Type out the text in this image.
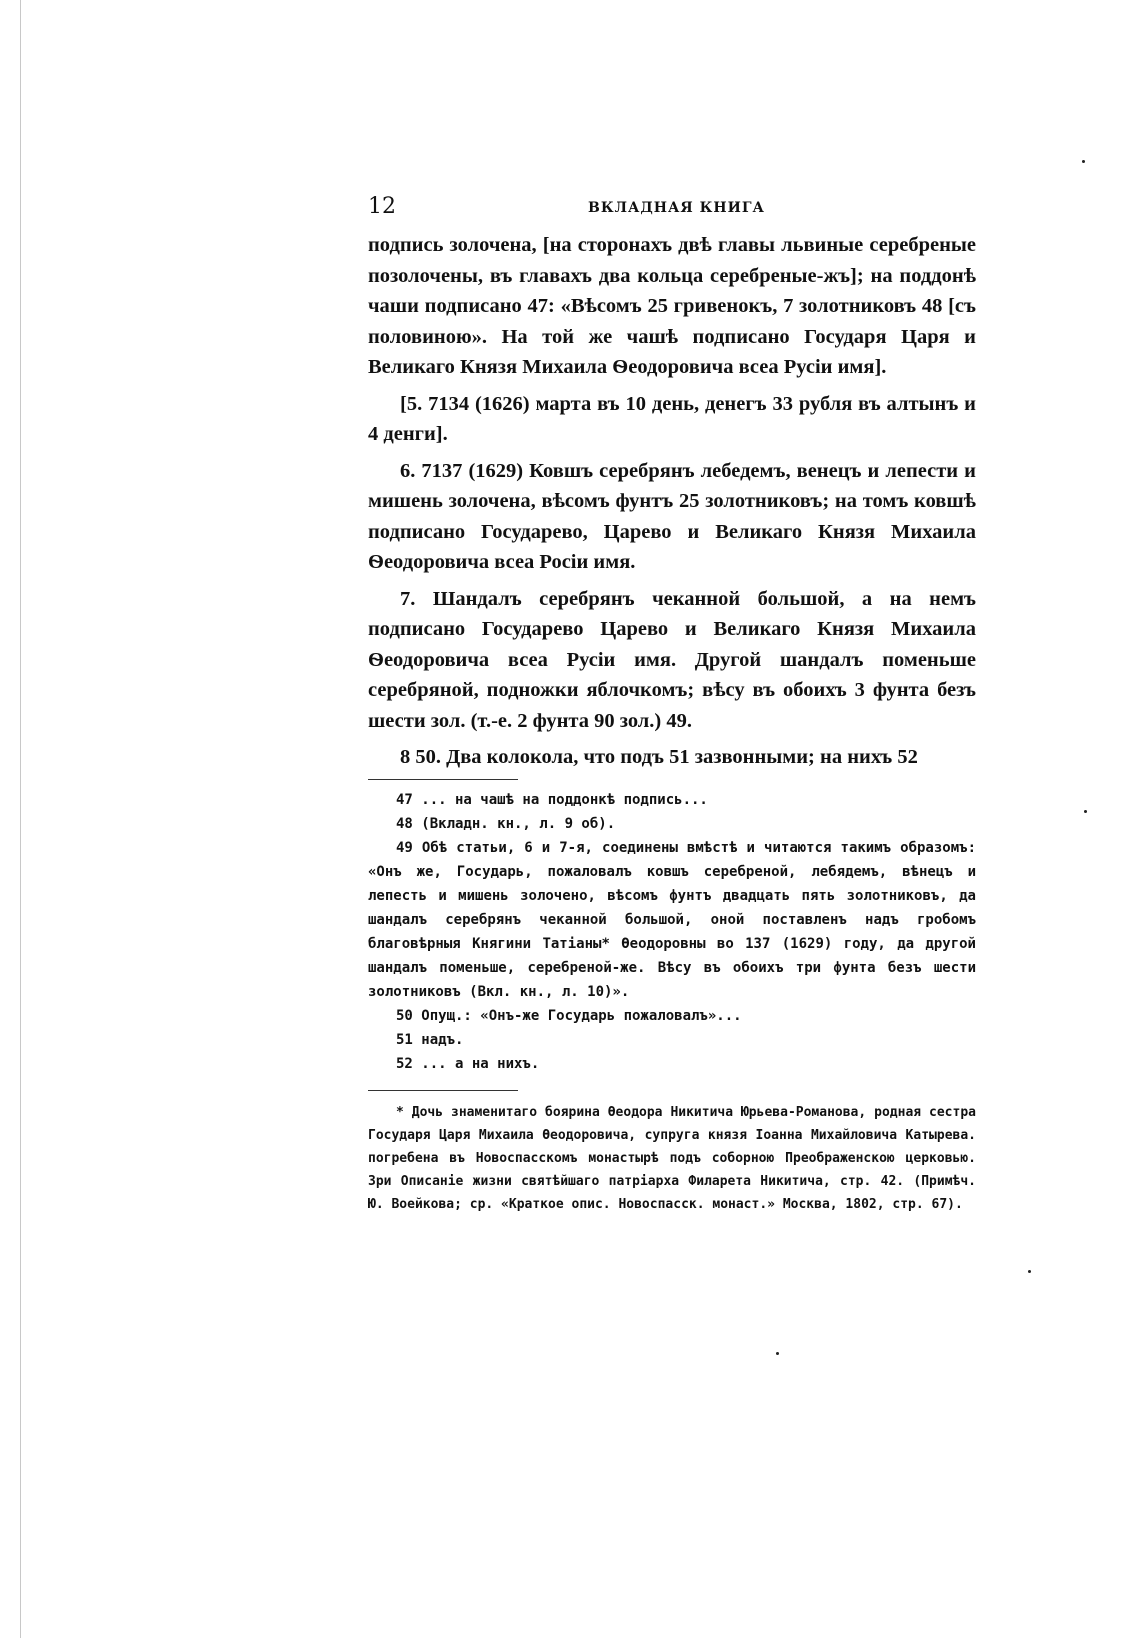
12	ВКЛАДНАЯ КНИГА

подпись золочена, [на сторонахъ двѣ главы львиные серебреные позолочены, въ главахъ два кольца серебреные-жъ]; на поддонѣ чаши подписано 47: «Вѣсомъ 25 гривенокъ, 7 золотниковъ 48 [съ половиною». На той же чашѣ подписано Государя Царя и Великаго Князя Михаила Ѳеодоровича всеа Русіи имя].

[5. 7134 (1626) марта въ 10 день, денегъ 33 рубля въ алтынъ и 4 денги].

6. 7137 (1629) Ковшъ серебрянъ лебедемъ, венецъ и лепести и мишень золочена, вѣсомъ фунтъ 25 золотниковъ; на томъ ковшѣ подписано Государево, Царево и Великаго Князя Михаила Ѳеодоровича всеа Росіи имя.

7. Шандалъ серебрянъ чеканной большой, а на немъ подписано Государево Царево и Великаго Князя Михаила Ѳеодоровича всеа Русіи имя. Другой шандалъ поменьше серебряной, подножки яблочкомъ; вѣсу въ обоихъ 3 фунта безъ шести зол. (т.-е. 2 фунта 90 зол.) 49.

8 50. Два колокола, что подъ 51 зазвонными; на нихъ 52

47 ... на чашѣ на поддонкѣ подпись...

48 (Вкладн. кн., л. 9 об).

49 Обѣ статьи, 6 и 7-я, соединены вмѣстѣ и читаются такимъ образомъ: «Онъ же, Государь, пожаловалъ ковшъ серебреной, лебядемъ, вѣнецъ и лепесть и мишень золочено, вѣсомъ фунтъ двадцать пять золотниковъ, да шандалъ серебрянъ чеканной большой, оной поставленъ надъ гробомъ благовѣрныя Княгини Татіаны* Ѳеодоровны во 137 (1629) году, да другой шандалъ поменьше, серебреной-же. Вѣсу въ обоихъ три фунта безъ шести золотниковъ (Вкл. кн., л. 10)».

50 Опущ.: «Онъ-же Государь пожаловалъ»...

51 надъ.

52 ... а на нихъ.

* Дочь знаменитаго боярина Ѳеодора Никитича Юрьева-Романова, родная сестра Государя Царя Михаила Ѳеодоровича, супруга князя Іоанна Михайловича Катырева. погребена въ Новоспасскомъ монастырѣ подъ соборною Преображенскою церковью. Зри Описаніе жизни святѣйшаго патріарха Филарета Никитича, стр. 42. (Примѣч. Ю. Воейкова; ср. «Краткое опис. Новоспасск. монаст.» Москва, 1802, стр. 67).
